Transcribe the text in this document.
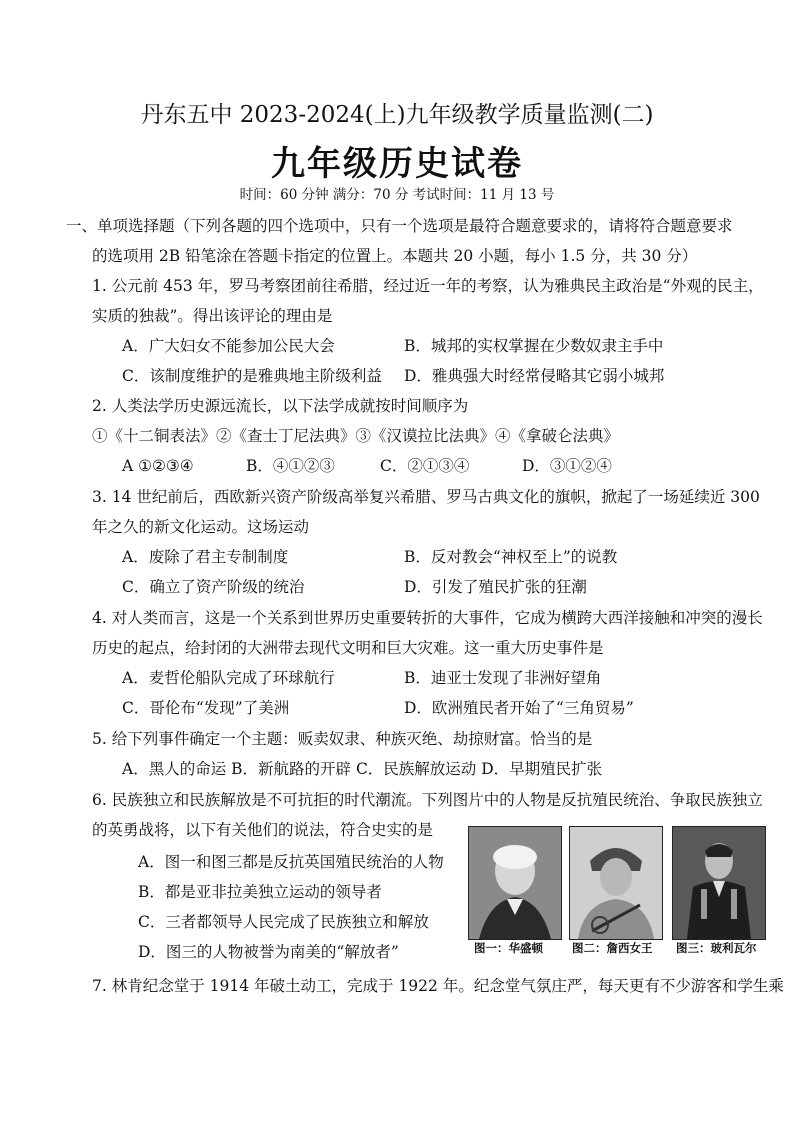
丹东五中 2023-2024(上)九年级教学质量监测(二)
九年级历史试卷
时间：60 分钟 满分：70 分 考试时间：11 月 13 号
一、单项选择题（下列各题的四个选项中，只有一个选项是最符合题意要求的，请将符合题意要求
的选项用 2B 铅笔涂在答题卡指定的位置上。本题共 20 小题，每小 1.5 分，共 30 分）
1. 公元前 453 年，罗马考察团前往希腊，经过近一年的考察，认为雅典民主政治是“外观的民主，
实质的独裁”。得出该评论的理由是
A．广大妇女不能参加公民大会	B．城邦的实权掌握在少数奴隶主手中
C．该制度维护的是雅典地主阶级利益 D．雅典强大时经常侵略其它弱小城邦
2. 人类法学历史源远流长，以下法学成就按时间顺序为
①《十二铜表法》②《查士丁尼法典》③《汉谟拉比法典》④《拿破仑法典》
A ①②③④	B．④①②③	C．②①③④	D．③①②④
3. 14 世纪前后，西欧新兴资产阶级高举复兴希腊、罗马古典文化的旗帜，掀起了一场延续近 300
年之久的新文化运动。这场运动
A．废除了君主专制制度	B．反对教会“神权至上”的说教
C．确立了资产阶级的统治	D．引发了殖民扩张的狂潮
4. 对人类而言，这是一个关系到世界历史重要转折的大事件，它成为横跨大西洋接触和冲突的漫长
历史的起点，给封闭的大洲带去现代文明和巨大灾难。这一重大历史事件是
A．麦哲伦船队完成了环球航行	B．迪亚士发现了非洲好望角
C．哥伦布“发现”了美洲	D．欧洲殖民者开始了“三角贸易”
5. 给下列事件确定一个主题：贩卖奴隶、种族灭绝、劫掠财富。恰当的是
A．黑人的命运 B．新航路的开辟 C．民族解放运动 D．早期殖民扩张
6. 民族独立和民族解放是不可抗拒的时代潮流。下列图片中的人物是反抗殖民统治、争取民族独立
的英勇战将，以下有关他们的说法，符合史实的是
A．图一和图三都是反抗英国殖民统治的人物
B．都是亚非拉美独立运动的领导者
C．三者都领导人民完成了民族独立和解放
D．图三的人物被誉为南美的“解放者”	图一：华盛顿	图二：詹西女王 图三：玻利瓦尔
7. 林肯纪念堂于 1914 年破土动工，完成于 1922 年。纪念堂气氛庄严，每天更有不少游客和学生乘
